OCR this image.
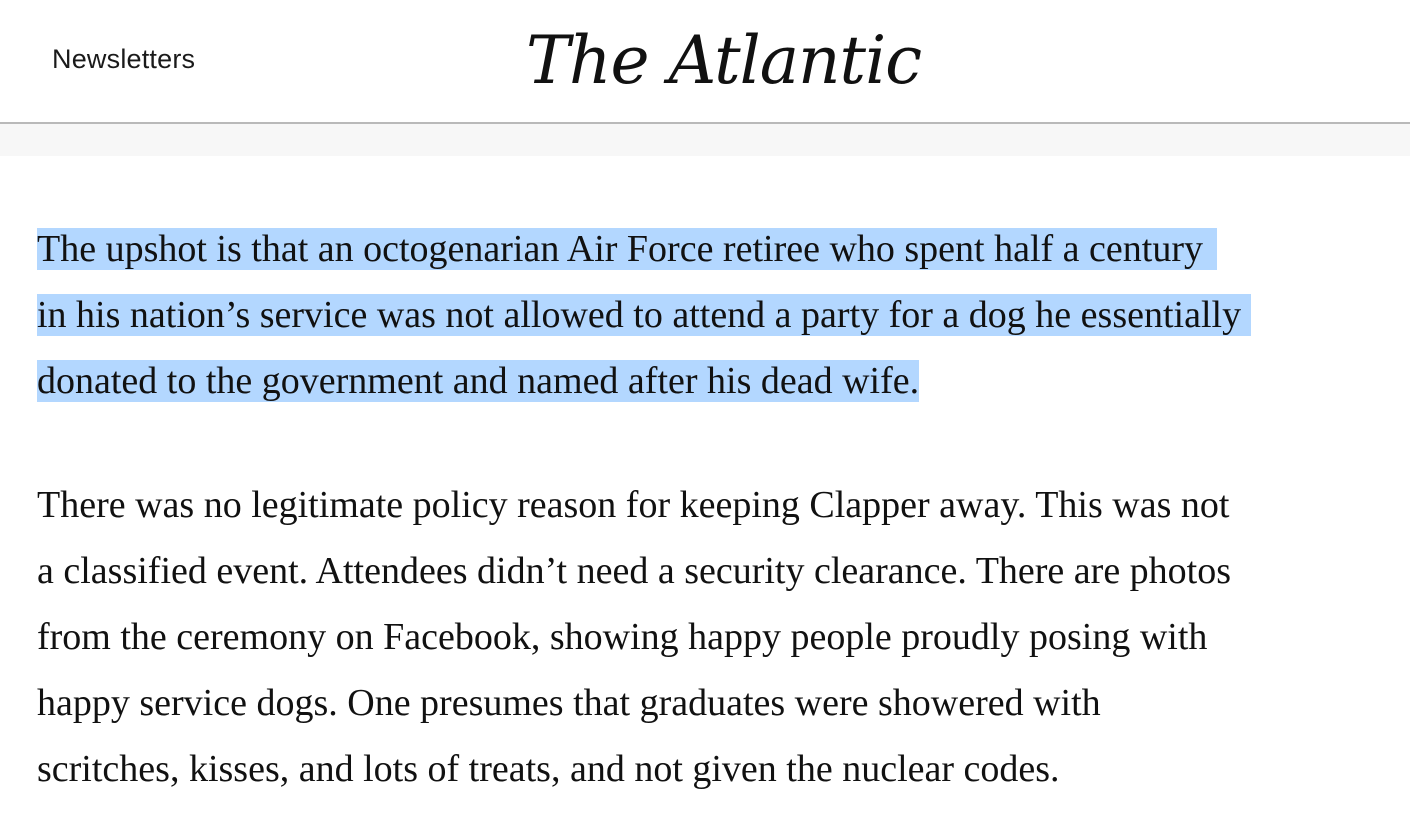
Newsletters	The Atlantic

The upshot is that an octogenarian Air Force retiree who spent half a century
in his nation’s service was not allowed to attend a party for a dog he essentially
donated to the government and named after his dead wife.

There was no legitimate policy reason for keeping Clapper away. This was not
a classified event. Attendees didn’t need a security clearance. There are photos
from the ceremony on Facebook, showing happy people proudly posing with
happy service dogs. One presumes that graduates were showered with
scritches, kisses, and lots of treats, and not given the nuclear codes.
